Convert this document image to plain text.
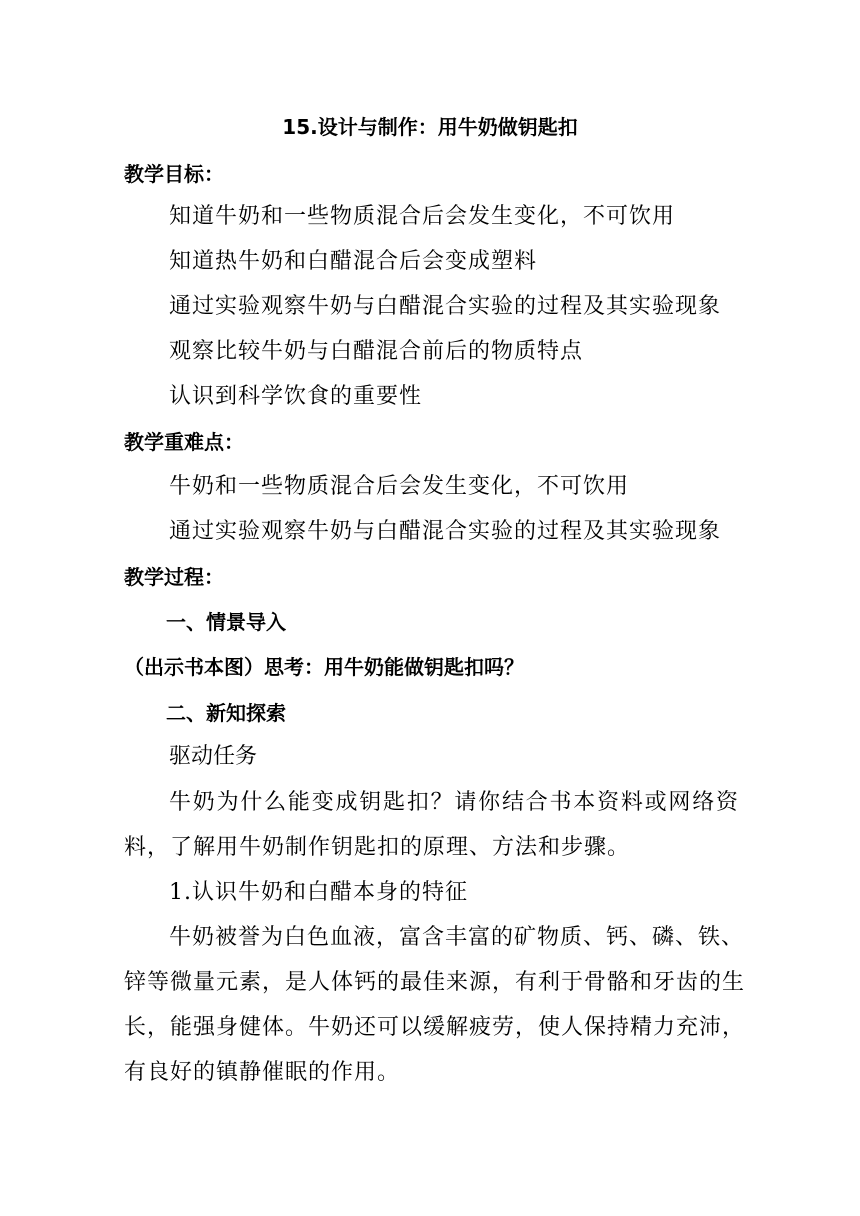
15.设计与制作：用牛奶做钥匙扣
教学目标：
知道牛奶和一些物质混合后会发生变化，不可饮用
知道热牛奶和白醋混合后会变成塑料
通过实验观察牛奶与白醋混合实验的过程及其实验现象
观察比较牛奶与白醋混合前后的物质特点
认识到科学饮食的重要性
教学重难点：
牛奶和一些物质混合后会发生变化，不可饮用
通过实验观察牛奶与白醋混合实验的过程及其实验现象
教学过程：
一、情景导入
（出示书本图）思考：用牛奶能做钥匙扣吗？
二、新知探索
驱动任务
牛奶为什么能变成钥匙扣？请你结合书本资料或网络资
料，了解用牛奶制作钥匙扣的原理、方法和步骤。
1.认识牛奶和白醋本身的特征
牛奶被誉为白色血液，富含丰富的矿物质、钙、磷、铁、
锌等微量元素，是人体钙的最佳来源，有利于骨骼和牙齿的生
长，能强身健体。牛奶还可以缓解疲劳，使人保持精力充沛，
有良好的镇静催眠的作用。
